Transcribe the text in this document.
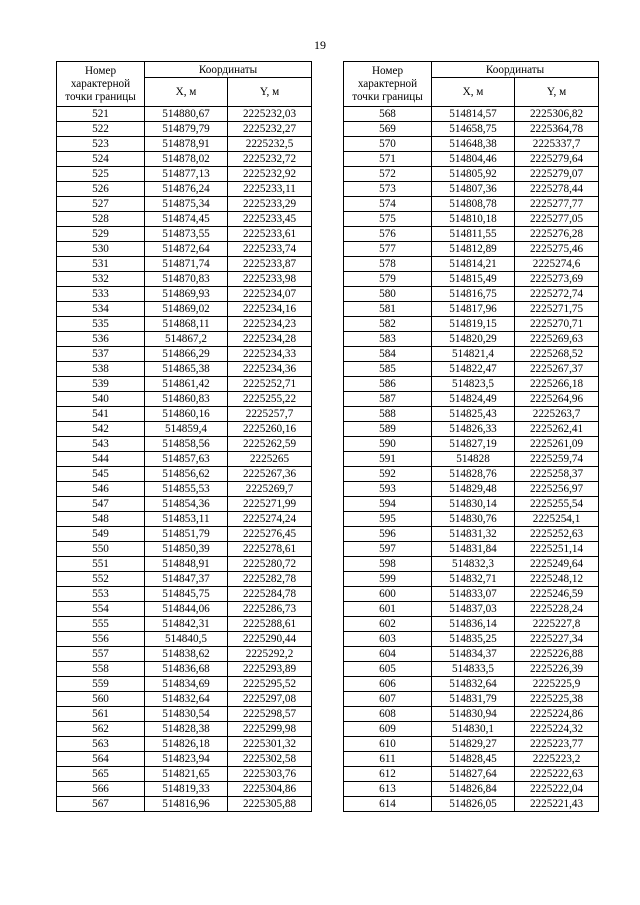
19
Номер характерной точки границы	Координаты	
	X, м	Y, м
521	514880,67	2225232,03
522	514879,79	2225232,27
523	514878,91	2225232,5
524	514878,02	2225232,72
525	514877,13	2225232,92
526	514876,24	2225233,11
527	514875,34	2225233,29
528	514874,45	2225233,45
529	514873,55	2225233,61
530	514872,64	2225233,74
531	514871,74	2225233,87
532	514870,83	2225233,98
533	514869,93	2225234,07
534	514869,02	2225234,16
535	514868,11	2225234,23
536	514867,2	2225234,28
537	514866,29	2225234,33
538	514865,38	2225234,36
539	514861,42	2225252,71
540	514860,83	2225255,22
541	514860,16	2225257,7
542	514859,4	2225260,16
543	514858,56	2225262,59
544	514857,63	2225265
545	514856,62	2225267,36
546	514855,53	2225269,7
547	514854,36	2225271,99
548	514853,11	2225274,24
549	514851,79	2225276,45
550	514850,39	2225278,61
551	514848,91	2225280,72
552	514847,37	2225282,78
553	514845,75	2225284,78
554	514844,06	2225286,73
555	514842,31	2225288,61
556	514840,5	2225290,44
557	514838,62	2225292,2
558	514836,68	2225293,89
559	514834,69	2225295,52
560	514832,64	2225297,08
561	514830,54	2225298,57
562	514828,38	2225299,98
563	514826,18	2225301,32
564	514823,94	2225302,58
565	514821,65	2225303,76
566	514819,33	2225304,86
567	514816,96	2225305,88
Номер характерной точки границы	Координаты	
	X, м	Y, м
568	514814,57	2225306,82
569	514658,75	2225364,78
570	514648,38	2225337,7
571	514804,46	2225279,64
572	514805,92	2225279,07
573	514807,36	2225278,44
574	514808,78	2225277,77
575	514810,18	2225277,05
576	514811,55	2225276,28
577	514812,89	2225275,46
578	514814,21	2225274,6
579	514815,49	2225273,69
580	514816,75	2225272,74
581	514817,96	2225271,75
582	514819,15	2225270,71
583	514820,29	2225269,63
584	514821,4	2225268,52
585	514822,47	2225267,37
586	514823,5	2225266,18
587	514824,49	2225264,96
588	514825,43	2225263,7
589	514826,33	2225262,41
590	514827,19	2225261,09
591	514828	2225259,74
592	514828,76	2225258,37
593	514829,48	2225256,97
594	514830,14	2225255,54
595	514830,76	2225254,1
596	514831,32	2225252,63
597	514831,84	2225251,14
598	514832,3	2225249,64
599	514832,71	2225248,12
600	514833,07	2225246,59
601	514837,03	2225228,24
602	514836,14	2225227,8
603	514835,25	2225227,34
604	514834,37	2225226,88
605	514833,5	2225226,39
606	514832,64	2225225,9
607	514831,79	2225225,38
608	514830,94	2225224,86
609	514830,1	2225224,32
610	514829,27	2225223,77
611	514828,45	2225223,2
612	514827,64	2225222,63
613	514826,84	2225222,04
614	514826,05	2225221,43
